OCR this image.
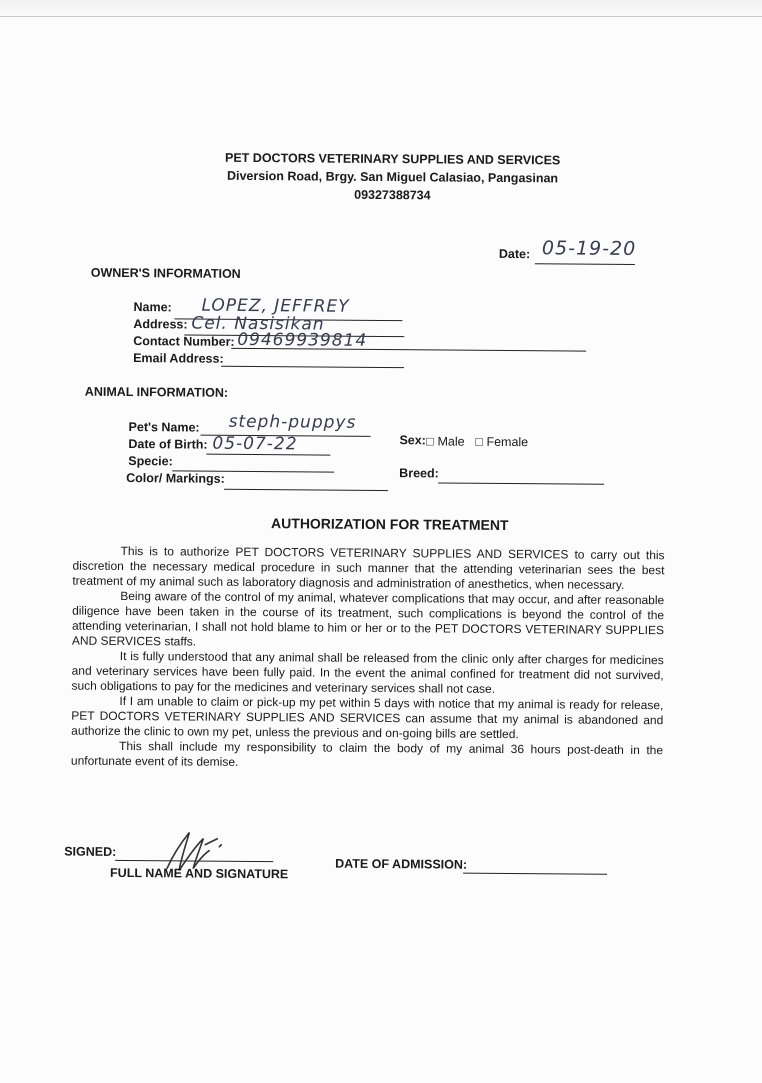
PET DOCTORS VETERINARY SUPPLIES AND SERVICES
Diversion Road, Brgy. San Miguel Calasiao, Pangasinan
09327388734
Date: 05-19-20
OWNER'S INFORMATION
Name: LOPEZ, JEFFREY
Address: Cel. Nasisikan
Contact Number: 09469939814
Email Address:
ANIMAL INFORMATION:
Pet's Name: steph-puppys
Date of Birth: 05-07-22
Specie:
Color/ Markings:
Sex: □ Male □ Female
Breed:
AUTHORIZATION FOR TREATMENT

This is to authorize PET DOCTORS VETERINARY SUPPLIES AND SERVICES to carry out this discretion the necessary medical procedure in such manner that the attending veterinarian sees the best treatment of my animal such as laboratory diagnosis and administration of anesthetics, when necessary.

Being aware of the control of my animal, whatever complications that may occur, and after reasonable diligence have been taken in the course of its treatment, such complications is beyond the control of the attending veterinarian, I shall not hold blame to him or her or to the PET DOCTORS VETERINARY SUPPLIES AND SERVICES staffs.

It is fully understood that any animal shall be released from the clinic only after charges for medicines and veterinary services have been fully paid. In the event the animal confined for treatment did not survived, such obligations to pay for the medicines and veterinary services shall not case.

If I am unable to claim or pick-up my pet within 5 days with notice that my animal is ready for release, PET DOCTORS VETERINARY SUPPLIES AND SERVICES can assume that my animal is abandoned and authorize the clinic to own my pet, unless the previous and on-going bills are settled.

This shall include my responsibility to claim the body of my animal 36 hours post-death in the unfortunate event of its demise.

SIGNED:
FULL NAME AND SIGNATURE
DATE OF ADMISSION:
